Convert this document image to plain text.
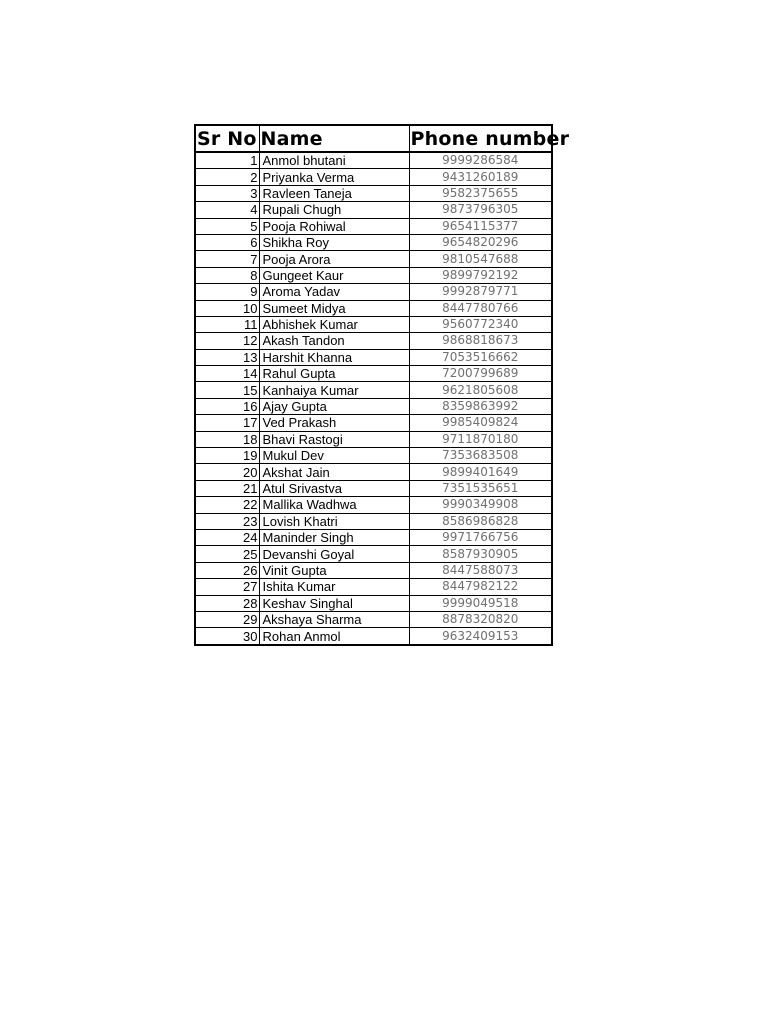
Sr No	Name	Phone number
1	Anmol bhutani	9999286584
2	Priyanka Verma	9431260189
3	Ravleen Taneja	9582375655
4	Rupali Chugh	9873796305
5	Pooja Rohiwal	9654115377
6	Shikha Roy	9654820296
7	Pooja Arora	9810547688
8	Gungeet Kaur	9899792192
9	Aroma Yadav	9992879771
10	Sumeet Midya	8447780766
11	Abhishek Kumar	9560772340
12	Akash Tandon	9868818673
13	Harshit Khanna	7053516662
14	Rahul Gupta	7200799689
15	Kanhaiya Kumar	9621805608
16	Ajay Gupta	8359863992
17	Ved Prakash	9985409824
18	Bhavi Rastogi	9711870180
19	Mukul Dev	7353683508
20	Akshat Jain	9899401649
21	Atul Srivastva	7351535651
22	Mallika Wadhwa	9990349908
23	Lovish Khatri	8586986828
24	Maninder Singh	9971766756
25	Devanshi Goyal	8587930905
26	Vinit Gupta	8447588073
27	Ishita Kumar	8447982122
28	Keshav Singhal	9999049518
29	Akshaya Sharma	8878320820
30	Rohan Anmol	9632409153
